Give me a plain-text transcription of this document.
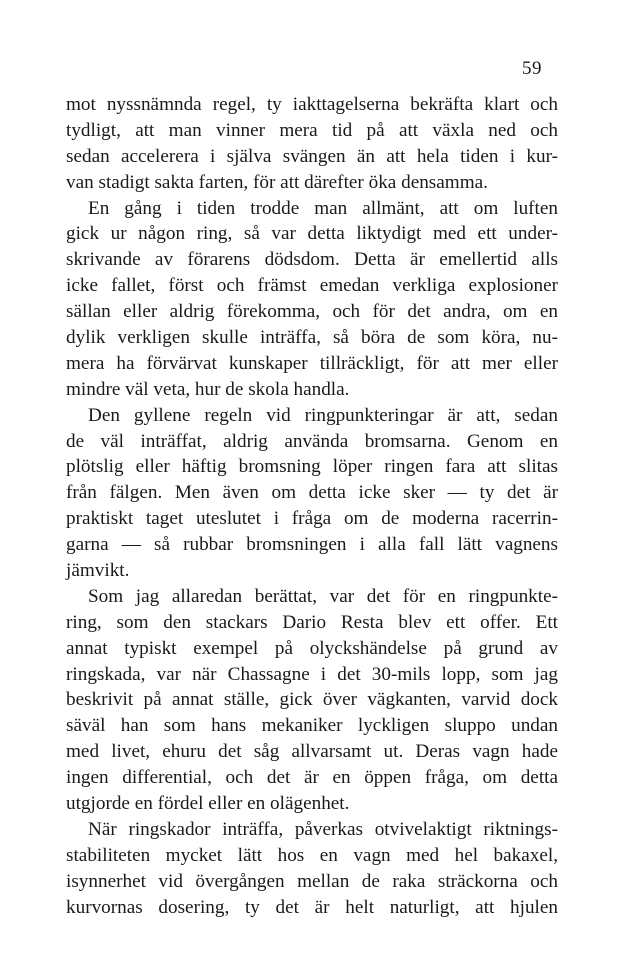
59
mot nyssnämnda regel, ty iakttagelserna bekräfta klart och
tydligt, att man vinner mera tid på att växla ned och
sedan accelerera i själva svängen än att hela tiden i kur-
van stadigt sakta farten, för att därefter öka densamma.
En gång i tiden trodde man allmänt, att om luften
gick ur någon ring, så var detta liktydigt med ett under-
skrivande av förarens dödsdom. Detta är emellertid alls
icke fallet, först och främst emedan verkliga explosioner
sällan eller aldrig förekomma, och för det andra, om en
dylik verkligen skulle inträffa, så böra de som köra, nu-
mera ha förvärvat kunskaper tillräckligt, för att mer eller
mindre väl veta, hur de skola handla.
Den gyllene regeln vid ringpunkteringar är att, sedan
de väl inträffat, aldrig använda bromsarna. Genom en
plötslig eller häftig bromsning löper ringen fara att slitas
från fälgen. Men även om detta icke sker — ty det är
praktiskt taget uteslutet i fråga om de moderna racerrin-
garna — så rubbar bromsningen i alla fall lätt vagnens
jämvikt.
Som jag allaredan berättat, var det för en ringpunkte-
ring, som den stackars Dario Resta blev ett offer. Ett
annat typiskt exempel på olyckshändelse på grund av
ringskada, var när Chassagne i det 30-mils lopp, som jag
beskrivit på annat ställe, gick över vägkanten, varvid dock
säväl han som hans mekaniker lyckligen sluppo undan
med livet, ehuru det såg allvarsamt ut. Deras vagn hade
ingen differential, och det är en öppen fråga, om detta
utgjorde en fördel eller en olägenhet.
När ringskador inträffa, påverkas otvivelaktigt riktnings-
stabiliteten mycket lätt hos en vagn med hel bakaxel,
isynnerhet vid övergången mellan de raka sträckorna och
kurvornas dosering, ty det är helt naturligt, att hjulen
